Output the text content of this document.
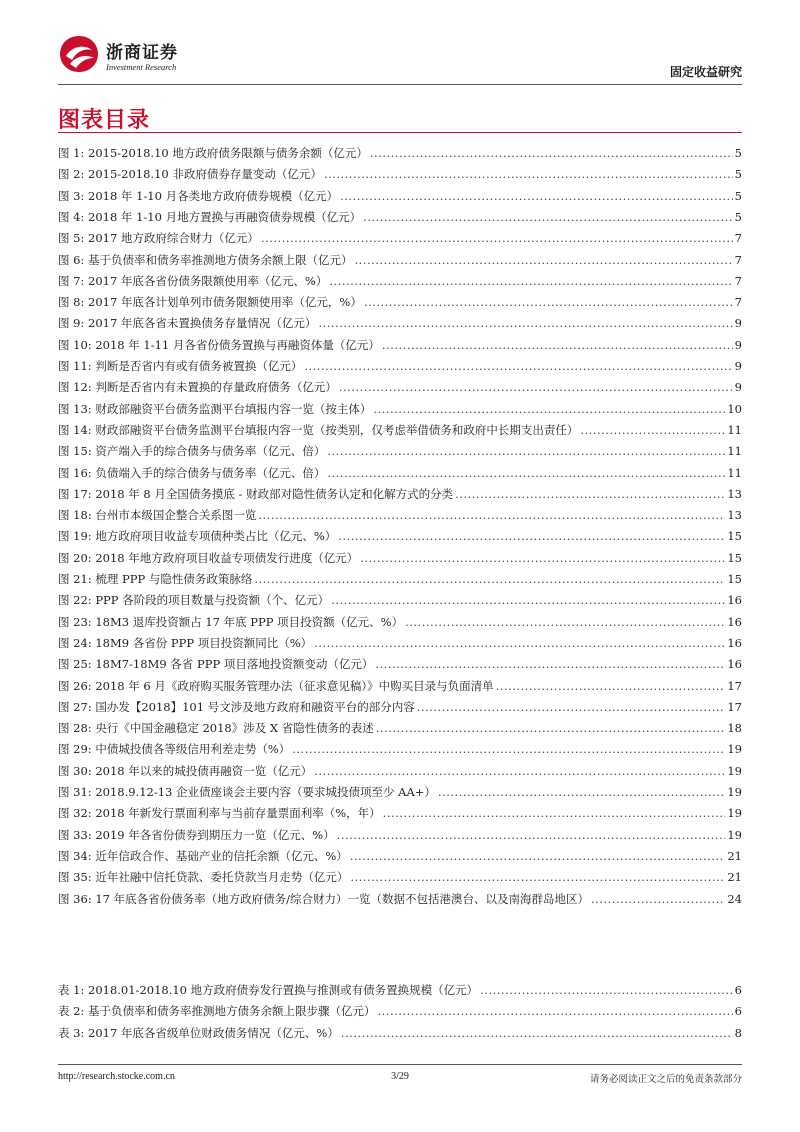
浙商证券
Investment Research	固定收益研究
图表目录
图 1: 2015-2018.10 地方政府债务限额与债务余额（亿元） .....	5
图 2: 2015-2018.10 非政府债券存量变动（亿元） .....	5
图 3: 2018 年 1-10 月各类地方政府债券规模（亿元） .....	5
图 4: 2018 年 1-10 月地方置换与再融资债券规模（亿元） .....	5
图 5: 2017 地方政府综合财力（亿元） .....	7
图 6: 基于负债率和债务率推测地方债务余额上限（亿元） .....	7
图 7: 2017 年底各省份债务限额使用率（亿元、%） .....	7
图 8: 2017 年底各计划单列市债务限额使用率（亿元，%） .....	7
图 9: 2017 年底各省未置换债务存量情况（亿元） .....	9
图 10: 2018 年 1-11 月各省份债务置换与再融资体量（亿元） .....	9
图 11: 判断是否省内有或有债务被置换（亿元） .....	9
图 12: 判断是否省内有未置换的存量政府债务（亿元） .....	9
图 13: 财政部融资平台债务监测平台填报内容一览（按主体） .....	10
图 14: 财政部融资平台债务监测平台填报内容一览（按类别，仅考虑举借债务和政府中长期支出责任） .....	11
图 15: 资产端入手的综合债务与债务率（亿元、倍） .....	11
图 16: 负债端入手的综合债务与债务率（亿元、倍） .....	11
图 17: 2018 年 8 月全国债务摸底 - 财政部对隐性债务认定和化解方式的分类 .....	13
图 18: 台州市本级国企整合关系图一览 .....	13
图 19: 地方政府项目收益专项债种类占比（亿元、%） .....	15
图 20: 2018 年地方政府项目收益专项债发行进度（亿元） .....	15
图 21: 梳理 PPP 与隐性债务政策脉络 .....	15
图 22: PPP 各阶段的项目数量与投资额（个、亿元） .....	16
图 23: 18M3 退库投资额占 17 年底 PPP 项目投资额（亿元、%） .....	16
图 24: 18M9 各省份 PPP 项目投资额同比（%） .....	16
图 25: 18M7-18M9 各省 PPP 项目落地投资额变动（亿元） .....	16
图 26: 2018 年 6 月《政府购买服务管理办法（征求意见稿）》中购买目录与负面清单 .....	17
图 27: 国办发【2018】101 号文涉及地方政府和融资平台的部分内容 .....	17
图 28: 央行《中国金融稳定 2018》涉及 X 省隐性债务的表述 .....	18
图 29: 中债城投债各等级信用利差走势（%） .....	19
图 30: 2018 年以来的城投债再融资一览（亿元） .....	19
图 31: 2018.9.12-13 企业债座谈会主要内容（要求城投债项至少 AA+） .....	19
图 32: 2018 年新发行票面利率与当前存量票面利率（%，年） .....	19
图 33: 2019 年各省份债券到期压力一览（亿元、%） .....	19
图 34: 近年信政合作、基础产业的信托余额（亿元、%） .....	21
图 35: 近年社融中信托贷款、委托贷款当月走势（亿元） .....	21
图 36: 17 年底各省份债务率（地方政府债务/综合财力）一览（数据不包括港澳台、以及南海群岛地区） .....	24
表 1: 2018.01-2018.10 地方政府债券发行置换与推测或有债务置换规模（亿元） .....	6
表 2: 基于负债率和债务率推测地方债务余额上限步骤（亿元） .....	6
表 3: 2017 年底各省级单位财政债务情况（亿元、%） .....	8
http://research.stocke.com.cn	3/29	请务必阅读正文之后的免责条款部分
